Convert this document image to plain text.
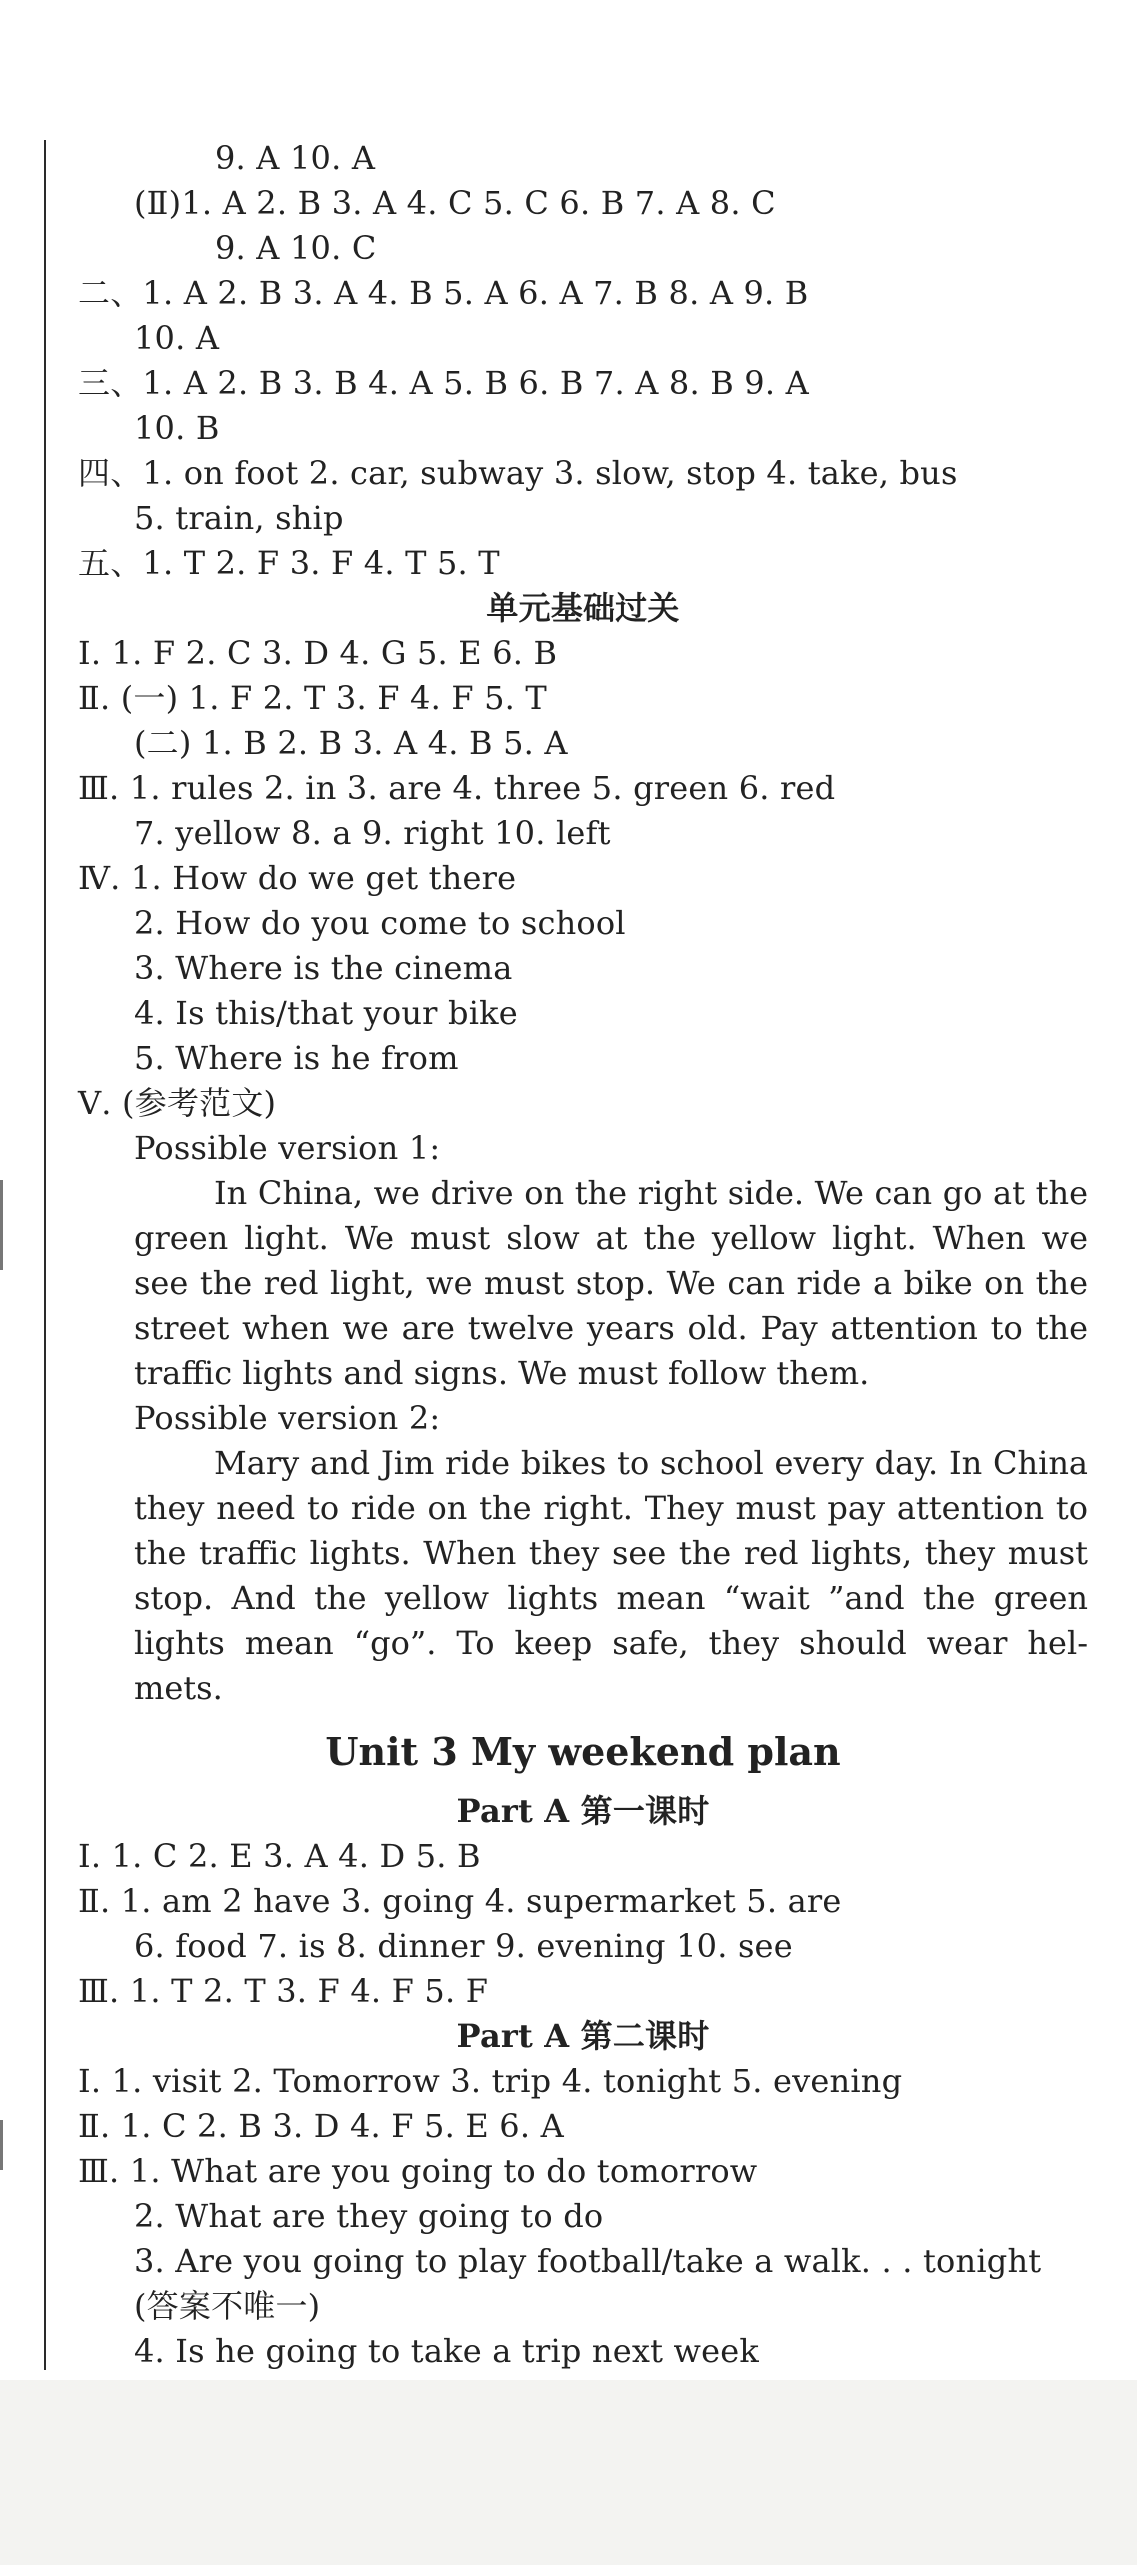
9. A 10. A
(Ⅱ)1. A 2. B 3. A 4. C 5. C 6. B 7. A 8. C
9. A 10. C
二、1. A 2. B 3. A 4. B 5. A 6. A 7. B 8. A 9. B
10. A
三、1. A 2. B 3. B 4. A 5. B 6. B 7. A 8. B 9. A
10. B
四、1. on foot 2. car, subway 3. slow, stop 4. take, bus
5. train, ship
五、1. T 2. F 3. F 4. T 5. T
单元基础过关
Ⅰ. 1. F 2. C 3. D 4. G 5. E 6. B
Ⅱ. (一) 1. F 2. T 3. F 4. F 5. T
(二) 1. B 2. B 3. A 4. B 5. A
Ⅲ. 1. rules 2. in 3. are 4. three 5. green 6. red
7. yellow 8. a 9. right 10. left
Ⅳ. 1. How do we get there
2. How do you come to school
3. Where is the cinema
4. Is this/that your bike
5. Where is he from
Ⅴ. (参考范文)
Possible version 1:
In China, we drive on the right side. We can go at the green light. We must slow at the yellow light. When we see the red light, we must stop. We can ride a bike on the street when we are twelve years old. Pay attention to the traffic lights and signs. We must follow them.
Possible version 2:
Mary and Jim ride bikes to school every day. In China they need to ride on the right. They must pay attention to the traffic lights. When they see the red lights, they must stop. And the yellow lights mean “wait ”and the green lights mean “go”. To keep safe, they should wear hel-mets.
Unit 3 My weekend plan
Part A 第一课时
Ⅰ. 1. C 2. E 3. A 4. D 5. B
Ⅱ. 1. am 2 have 3. going 4. supermarket 5. are
6. food 7. is 8. dinner 9. evening 10. see
Ⅲ. 1. T 2. T 3. F 4. F 5. F
Part A 第二课时
Ⅰ. 1. visit 2. Tomorrow 3. trip 4. tonight 5. evening
Ⅱ. 1. C 2. B 3. D 4. F 5. E 6. A
Ⅲ. 1. What are you going to do tomorrow
2. What are they going to do
3. Are you going to play football/take a walk. . . tonight
(答案不唯一)
4. Is he going to take a trip next week
